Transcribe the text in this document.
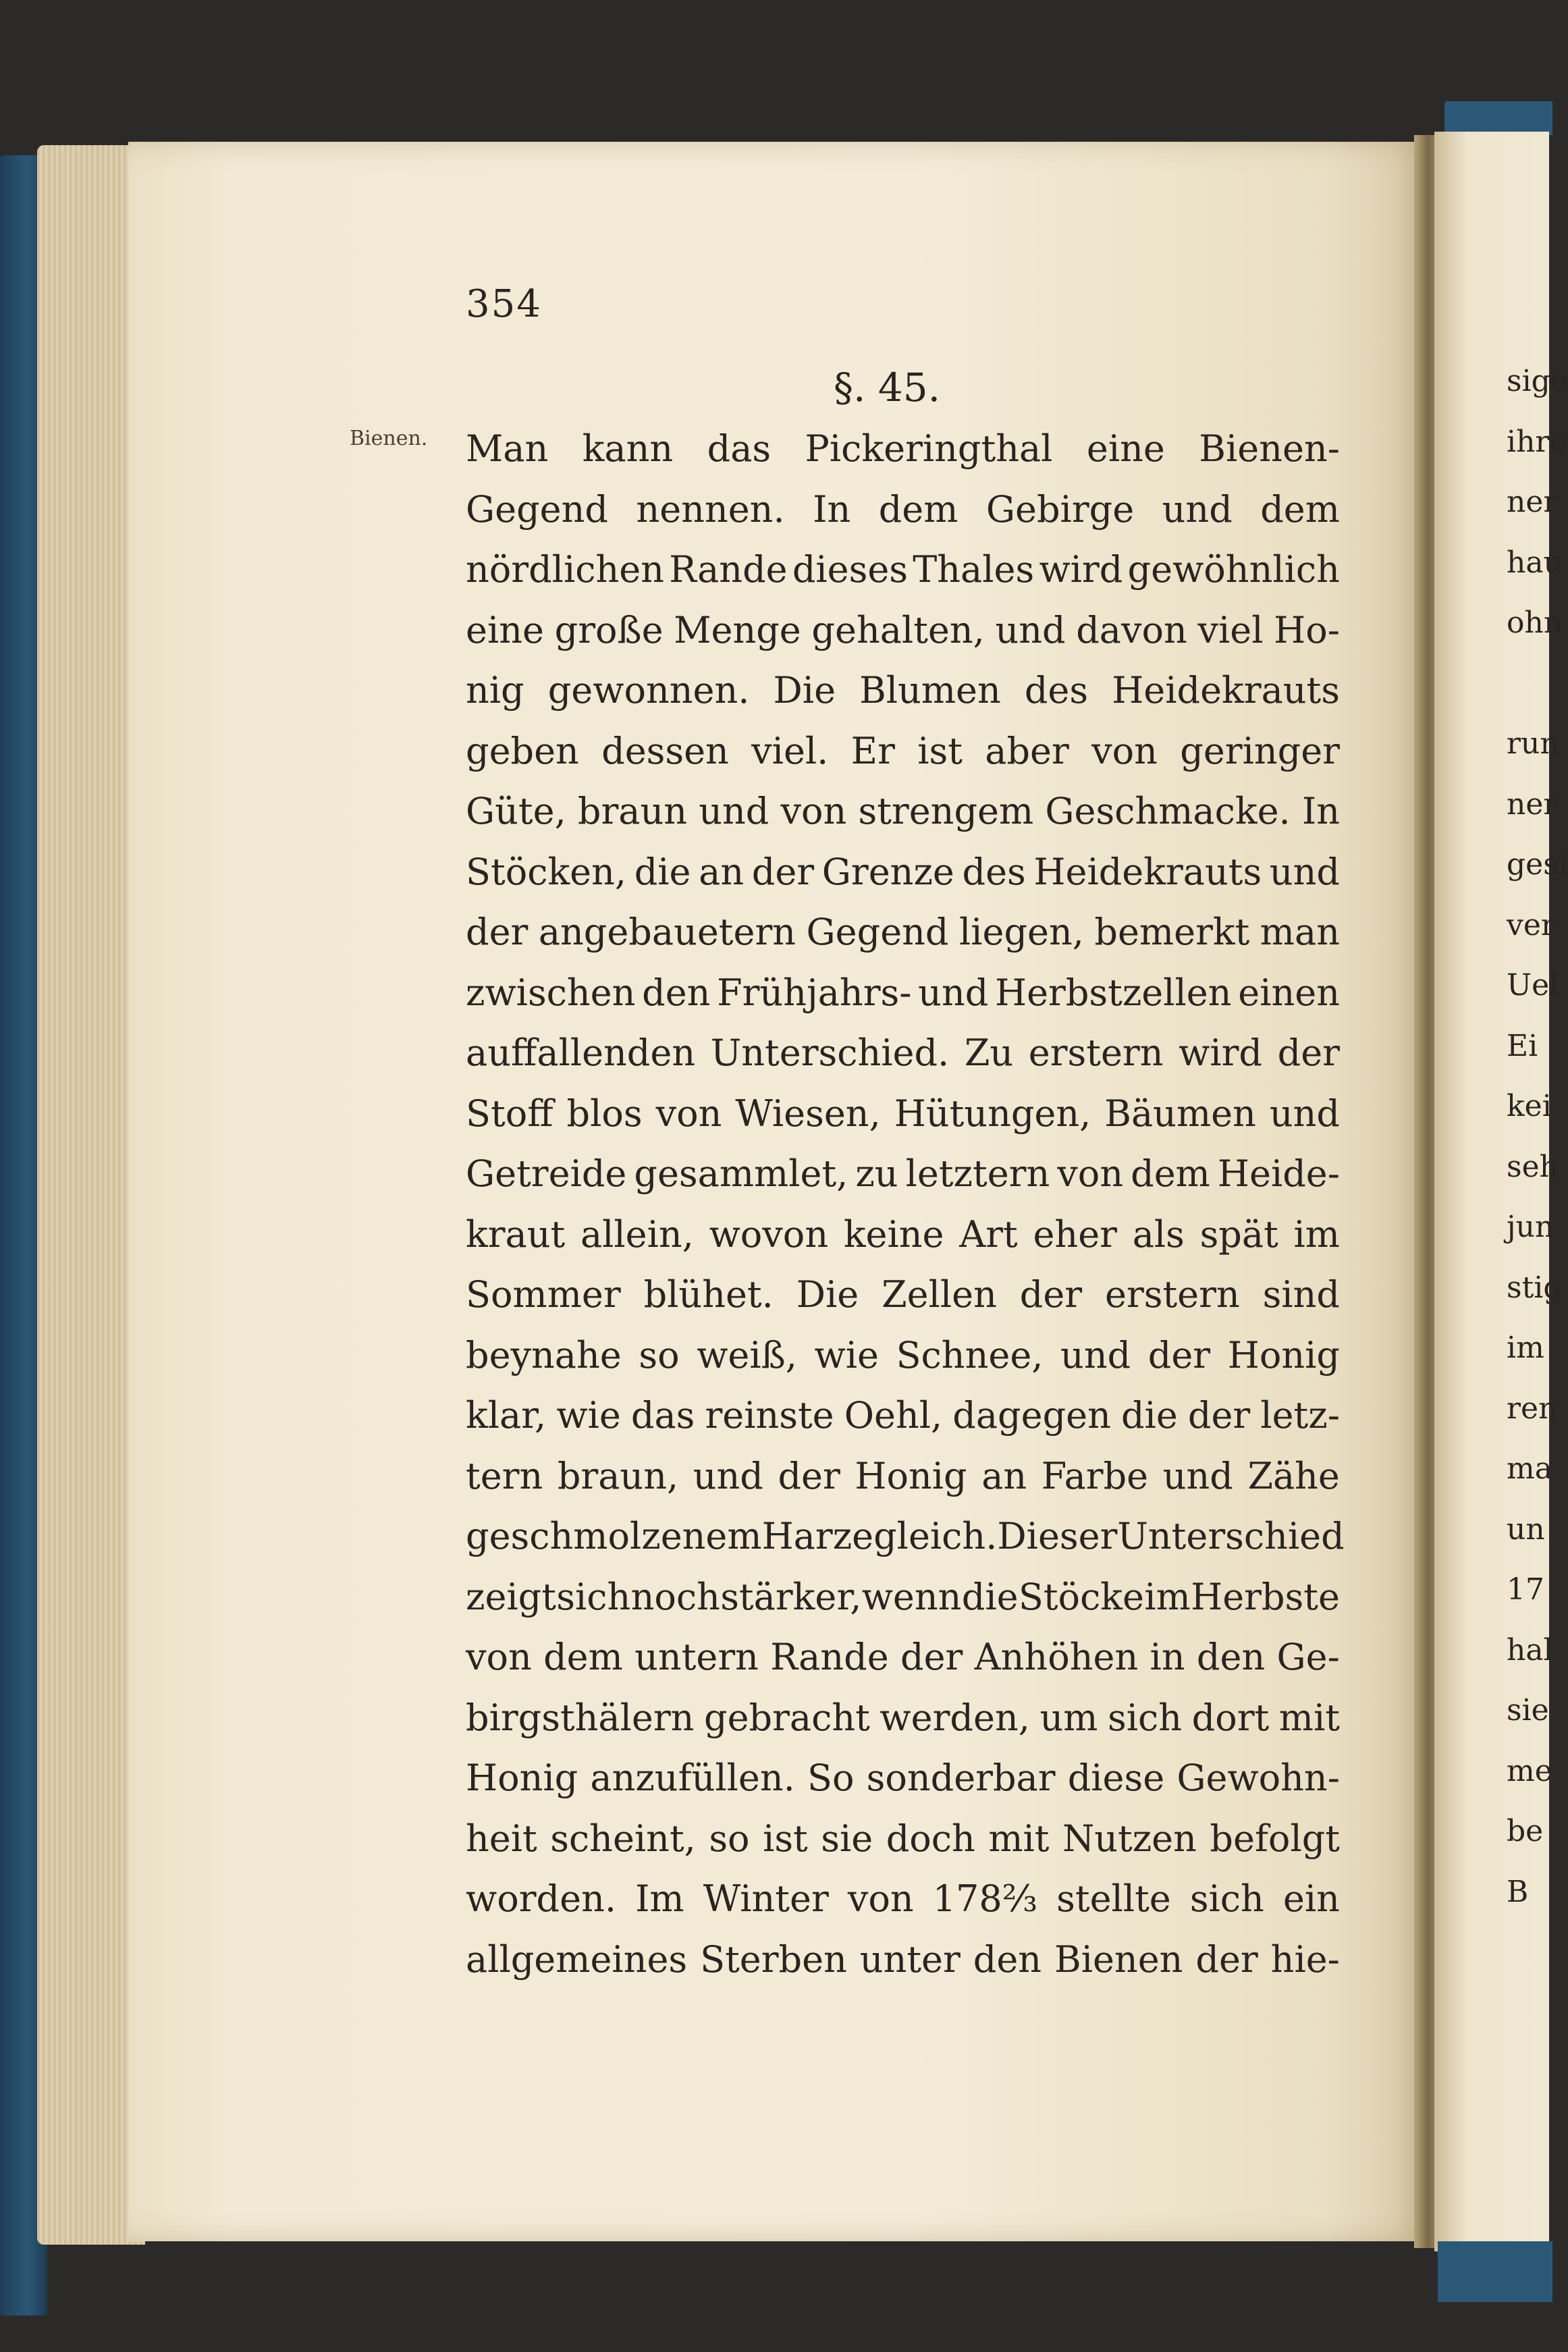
354
§. 45.
Bienen. Man kann das Pickeringthal eine Bienen-
Gegend nennen. In dem Gebirge und dem
nördlichen Rande dieses Thales wird gewöhnlich
eine große Menge gehalten, und davon viel Ho-
nig gewonnen. Die Blumen des Heidekrauts
geben dessen viel. Er ist aber von geringer
Güte, braun und von strengem Geschmacke. In
Stöcken, die an der Grenze des Heidekrauts und
der angebauetern Gegend liegen, bemerkt man
zwischen den Frühjahrs- und Herbstzellen einen
auffallenden Unterschied. Zu erstern wird der
Stoff blos von Wiesen, Hütungen, Bäumen und
Getreide gesammlet, zu letztern von dem Heide-
kraut allein, wovon keine Art eher als spät im
Sommer blühet. Die Zellen der erstern sind
beynahe so weiß, wie Schnee, und der Honig
klar, wie das reinste Oehl, dagegen die der letz-
tern braun, und der Honig an Farbe und Zähe
geschmolzenem Harze gleich. Dieser Unterschied
zeigt sich noch stärker, wenn die Stöcke im Herbste
von dem untern Rande der Anhöhen in den Ge-
birgsthälern gebracht werden, um sich dort mit
Honig anzufüllen. So sonderbar diese Gewohn-
heit scheint, so ist sie doch mit Nutzen befolgt
worden. Im Winter von 178⅔ stellte sich ein
allgemeines Sterben unter den Bienen der hie-
sige
ihre
ner
hau
ohn
run
ner
gesi
ver
Uel
Ei
kei
seh
jun
stig
im
ren
ma
un
17
hal
sie
me
be
B
